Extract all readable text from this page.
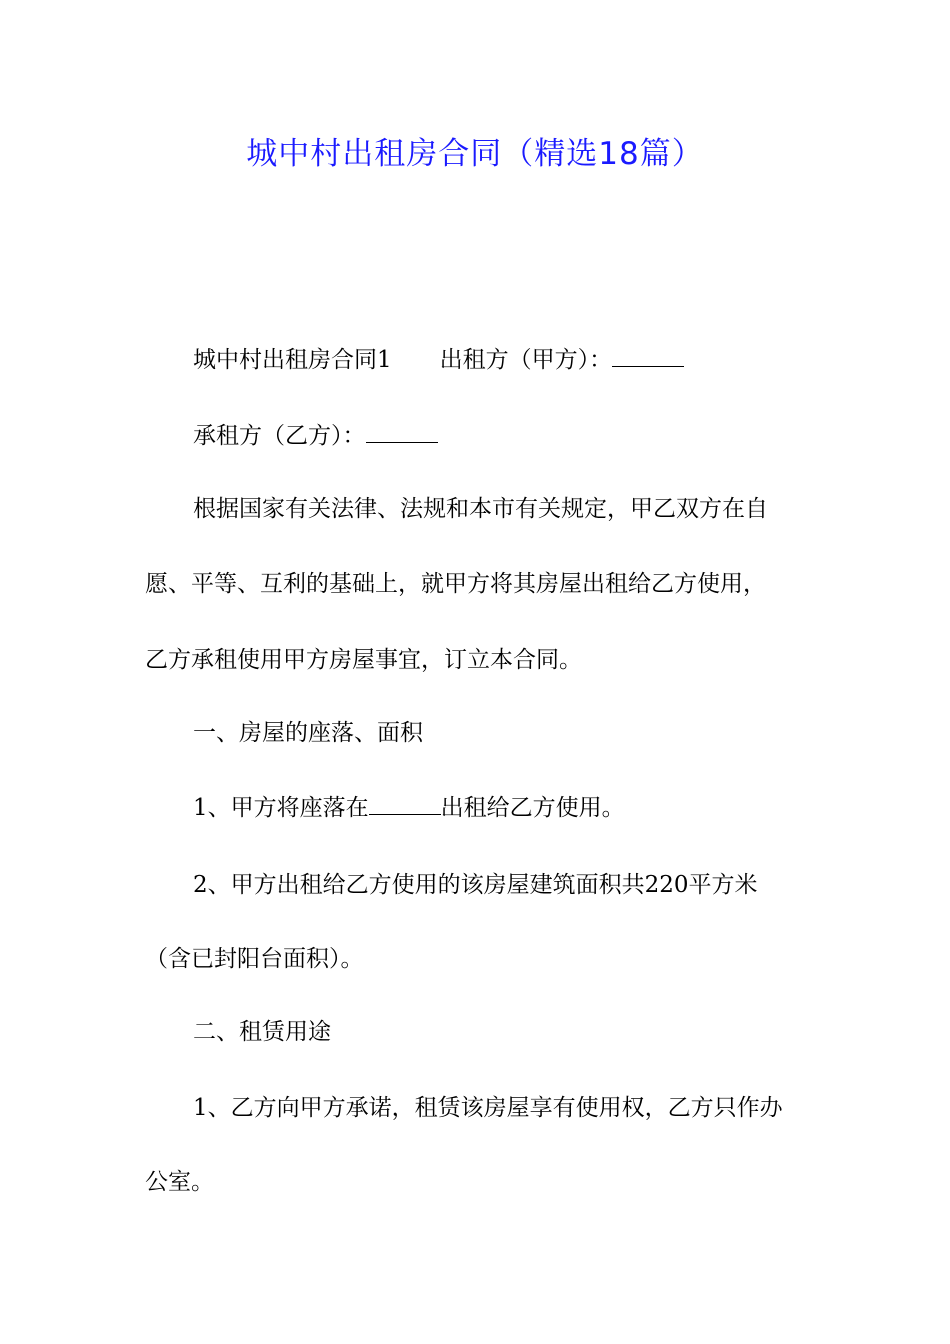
城中村出租房合同（精选18篇）
城中村出租房合同1 出租方（甲方）：
承租方（乙方）：
根据国家有关法律、法规和本市有关规定，甲乙双方在自
愿、平等、互利的基础上，就甲方将其房屋出租给乙方使用，
乙方承租使用甲方房屋事宜，订立本合同。
一、房屋的座落、面积
1、甲方将座落在	出租给乙方使用。
2、甲方出租给乙方使用的该房屋建筑面积共220平方米
（含已封阳台面积）。
二、租赁用途
1、乙方向甲方承诺，租赁该房屋享有使用权，乙方只作办
公室。
